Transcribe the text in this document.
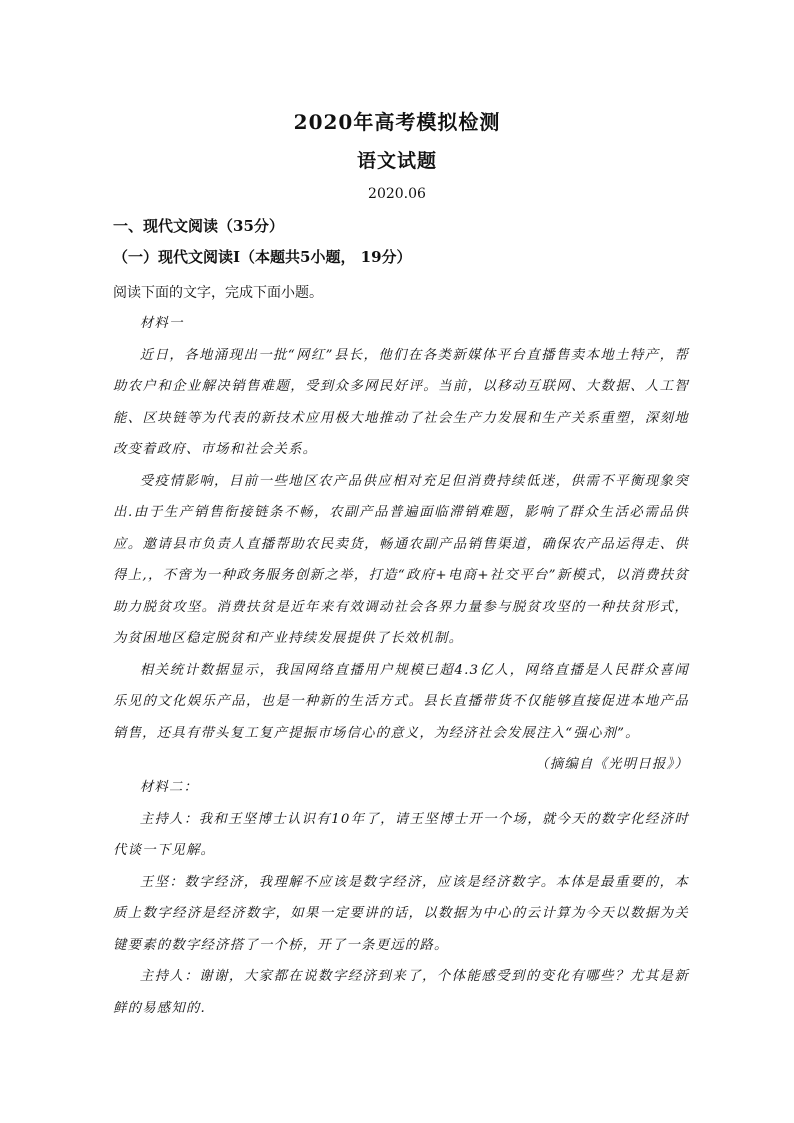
2020年高考模拟检测
语文试题
2020.06
一、现代文阅读（35分）
（一）现代文阅读Ⅰ（本题共5小题， 19分）
阅读下面的文字，完成下面小题。

材料一

近日，各地涌现出一批“网红”县长，他们在各类新媒体平台直播售卖本地土特产，帮助农户和企业解决销售难题，受到众多网民好评。当前，以移动互联网、大数据、人工智能、区块链等为代表的新技术应用极大地推动了社会生产力发展和生产关系重塑，深刻地改变着政府、市场和社会关系。

受疫情影响，目前一些地区农产品供应相对充足但消费持续低迷，供需不平衡现象突出.由于生产销售衔接链条不畅，农副产品普遍面临滞销难题，影响了群众生活必需品供应。邀请县市负责人直播帮助农民卖货，畅通农副产品销售渠道，确保农产品运得走、供得上,，不啻为一种政务服务创新之举，打造“政府+电商+社交平台”新模式，以消费扶贫助力脱贫攻坚。消费扶贫是近年来有效调动社会各界力量参与脱贫攻坚的一种扶贫形式，为贫困地区稳定脱贫和产业持续发展提供了长效机制。

相关统计数据显示，我国网络直播用户规模已超4.3亿人，网络直播是人民群众喜闻乐见的文化娱乐产品，也是一种新的生活方式。县长直播带货不仅能够直接促进本地产品销售，还具有带头复工复产提振市场信心的意义，为经济社会发展注入“强心剂”。

（摘编自《光明日报》）

材料二：

主持人：我和王坚博士认识有10年了，请王坚博士开一个场，就今天的数字化经济时代谈一下见解。

王坚：数字经济，我理解不应该是数字经济，应该是经济数字。本体是最重要的，本质上数字经济是经济数字，如果一定要讲的话，以数据为中心的云计算为今天以数据为关键要素的数字经济搭了一个桥，开了一条更远的路。

主持人：谢谢，大家都在说数字经济到来了，个体能感受到的变化有哪些？尤其是新鲜的易感知的.
